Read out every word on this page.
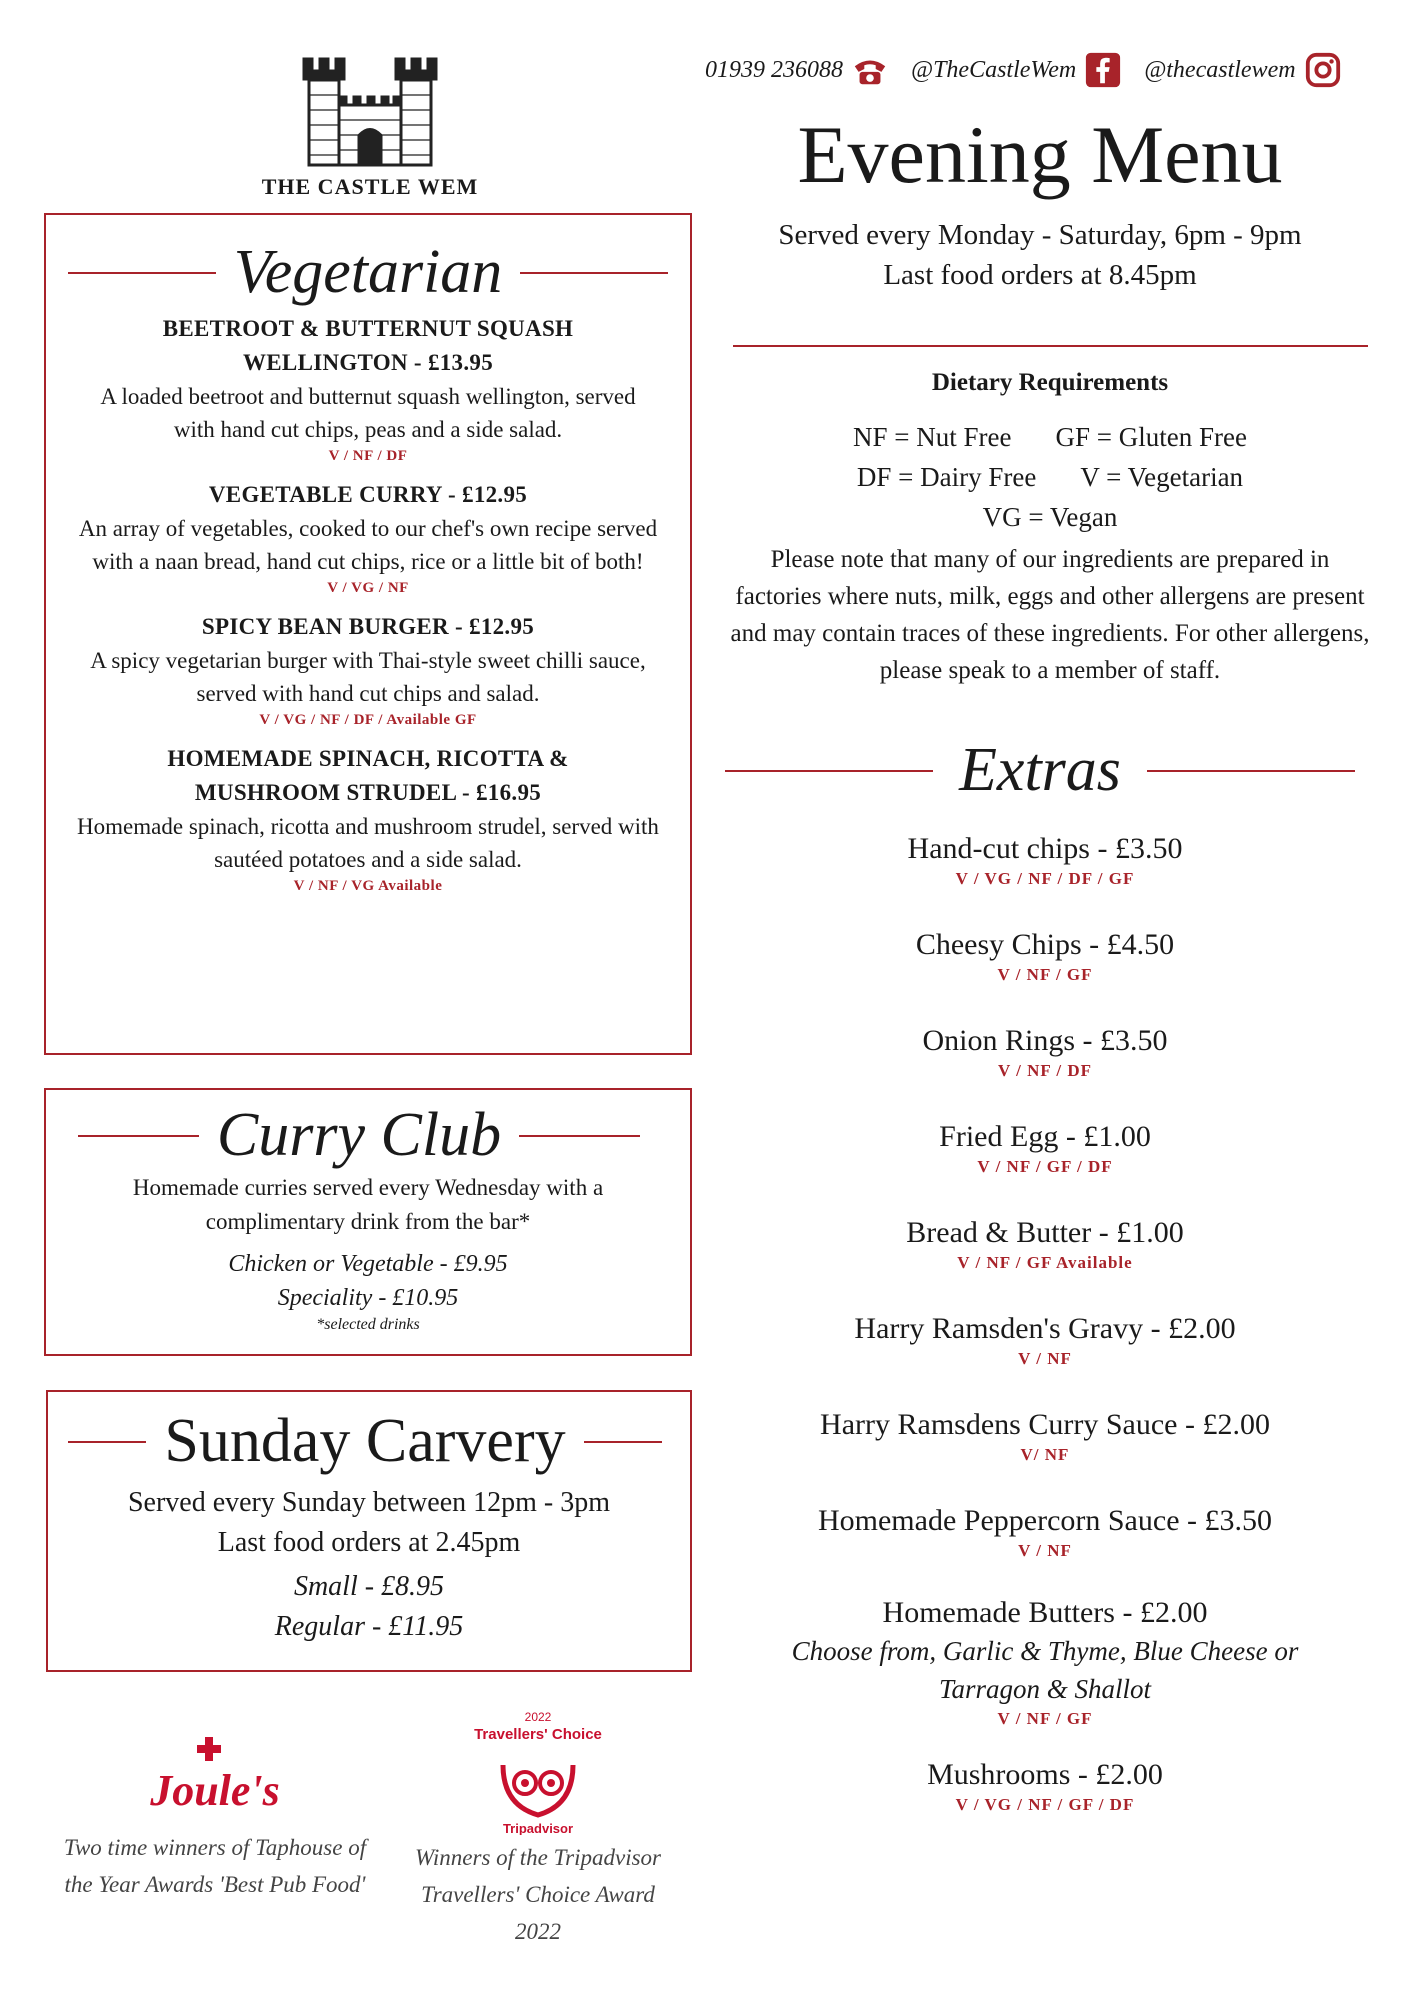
THE CASTLE WEM
01939 236088	@TheCastleWem	@thecastlewem
Vegetarian
BEETROOT & BUTTERNUT SQUASH WELLINGTON - £13.95
A loaded beetroot and butternut squash wellington, served with hand cut chips, peas and a side salad.
V / NF / DF
VEGETABLE CURRY - £12.95
An array of vegetables, cooked to our chef's own recipe served with a naan bread, hand cut chips, rice or a little bit of both!
V / VG / NF
SPICY BEAN BURGER - £12.95
A spicy vegetarian burger with Thai-style sweet chilli sauce, served with hand cut chips and salad.
V / VG / NF / DF / Available GF
HOMEMADE SPINACH, RICOTTA & MUSHROOM STRUDEL - £16.95
Homemade spinach, ricotta and mushroom strudel, served with sautéed potatoes and a side salad.
V / NF / VG Available
Curry Club
Homemade curries served every Wednesday with a complimentary drink from the bar*
Chicken or Vegetable - £9.95
Speciality - £10.95
*selected drinks
Sunday Carvery
Served every Sunday between 12pm - 3pm
Last food orders at 2.45pm
Small - £8.95
Regular - £11.95
Joule's
Two time winners of Taphouse of the Year Awards 'Best Pub Food'
2022
Travellers' Choice
Tripadvisor
Winners of the Tripadvisor Travellers' Choice Award 2022
Evening Menu
Served every Monday - Saturday, 6pm - 9pm
Last food orders at 8.45pm
Dietary Requirements
NF = Nut Free GF = Gluten Free
DF = Dairy Free V = Vegetarian
VG = Vegan
Please note that many of our ingredients are prepared in factories where nuts, milk, eggs and other allergens are present and may contain traces of these ingredients. For other allergens, please speak to a member of staff.
Extras
Hand-cut chips - £3.50
V / VG / NF / DF / GF
Cheesy Chips - £4.50
V / NF / GF
Onion Rings - £3.50
V / NF / DF
Fried Egg - £1.00
V / NF / GF / DF
Bread & Butter - £1.00
V / NF / GF Available
Harry Ramsden's Gravy - £2.00
V / NF
Harry Ramsdens Curry Sauce - £2.00
V/ NF
Homemade Peppercorn Sauce - £3.50
V / NF
Homemade Butters - £2.00
Choose from, Garlic & Thyme, Blue Cheese or Tarragon & Shallot
V / NF / GF
Mushrooms - £2.00
V / VG / NF / GF / DF
